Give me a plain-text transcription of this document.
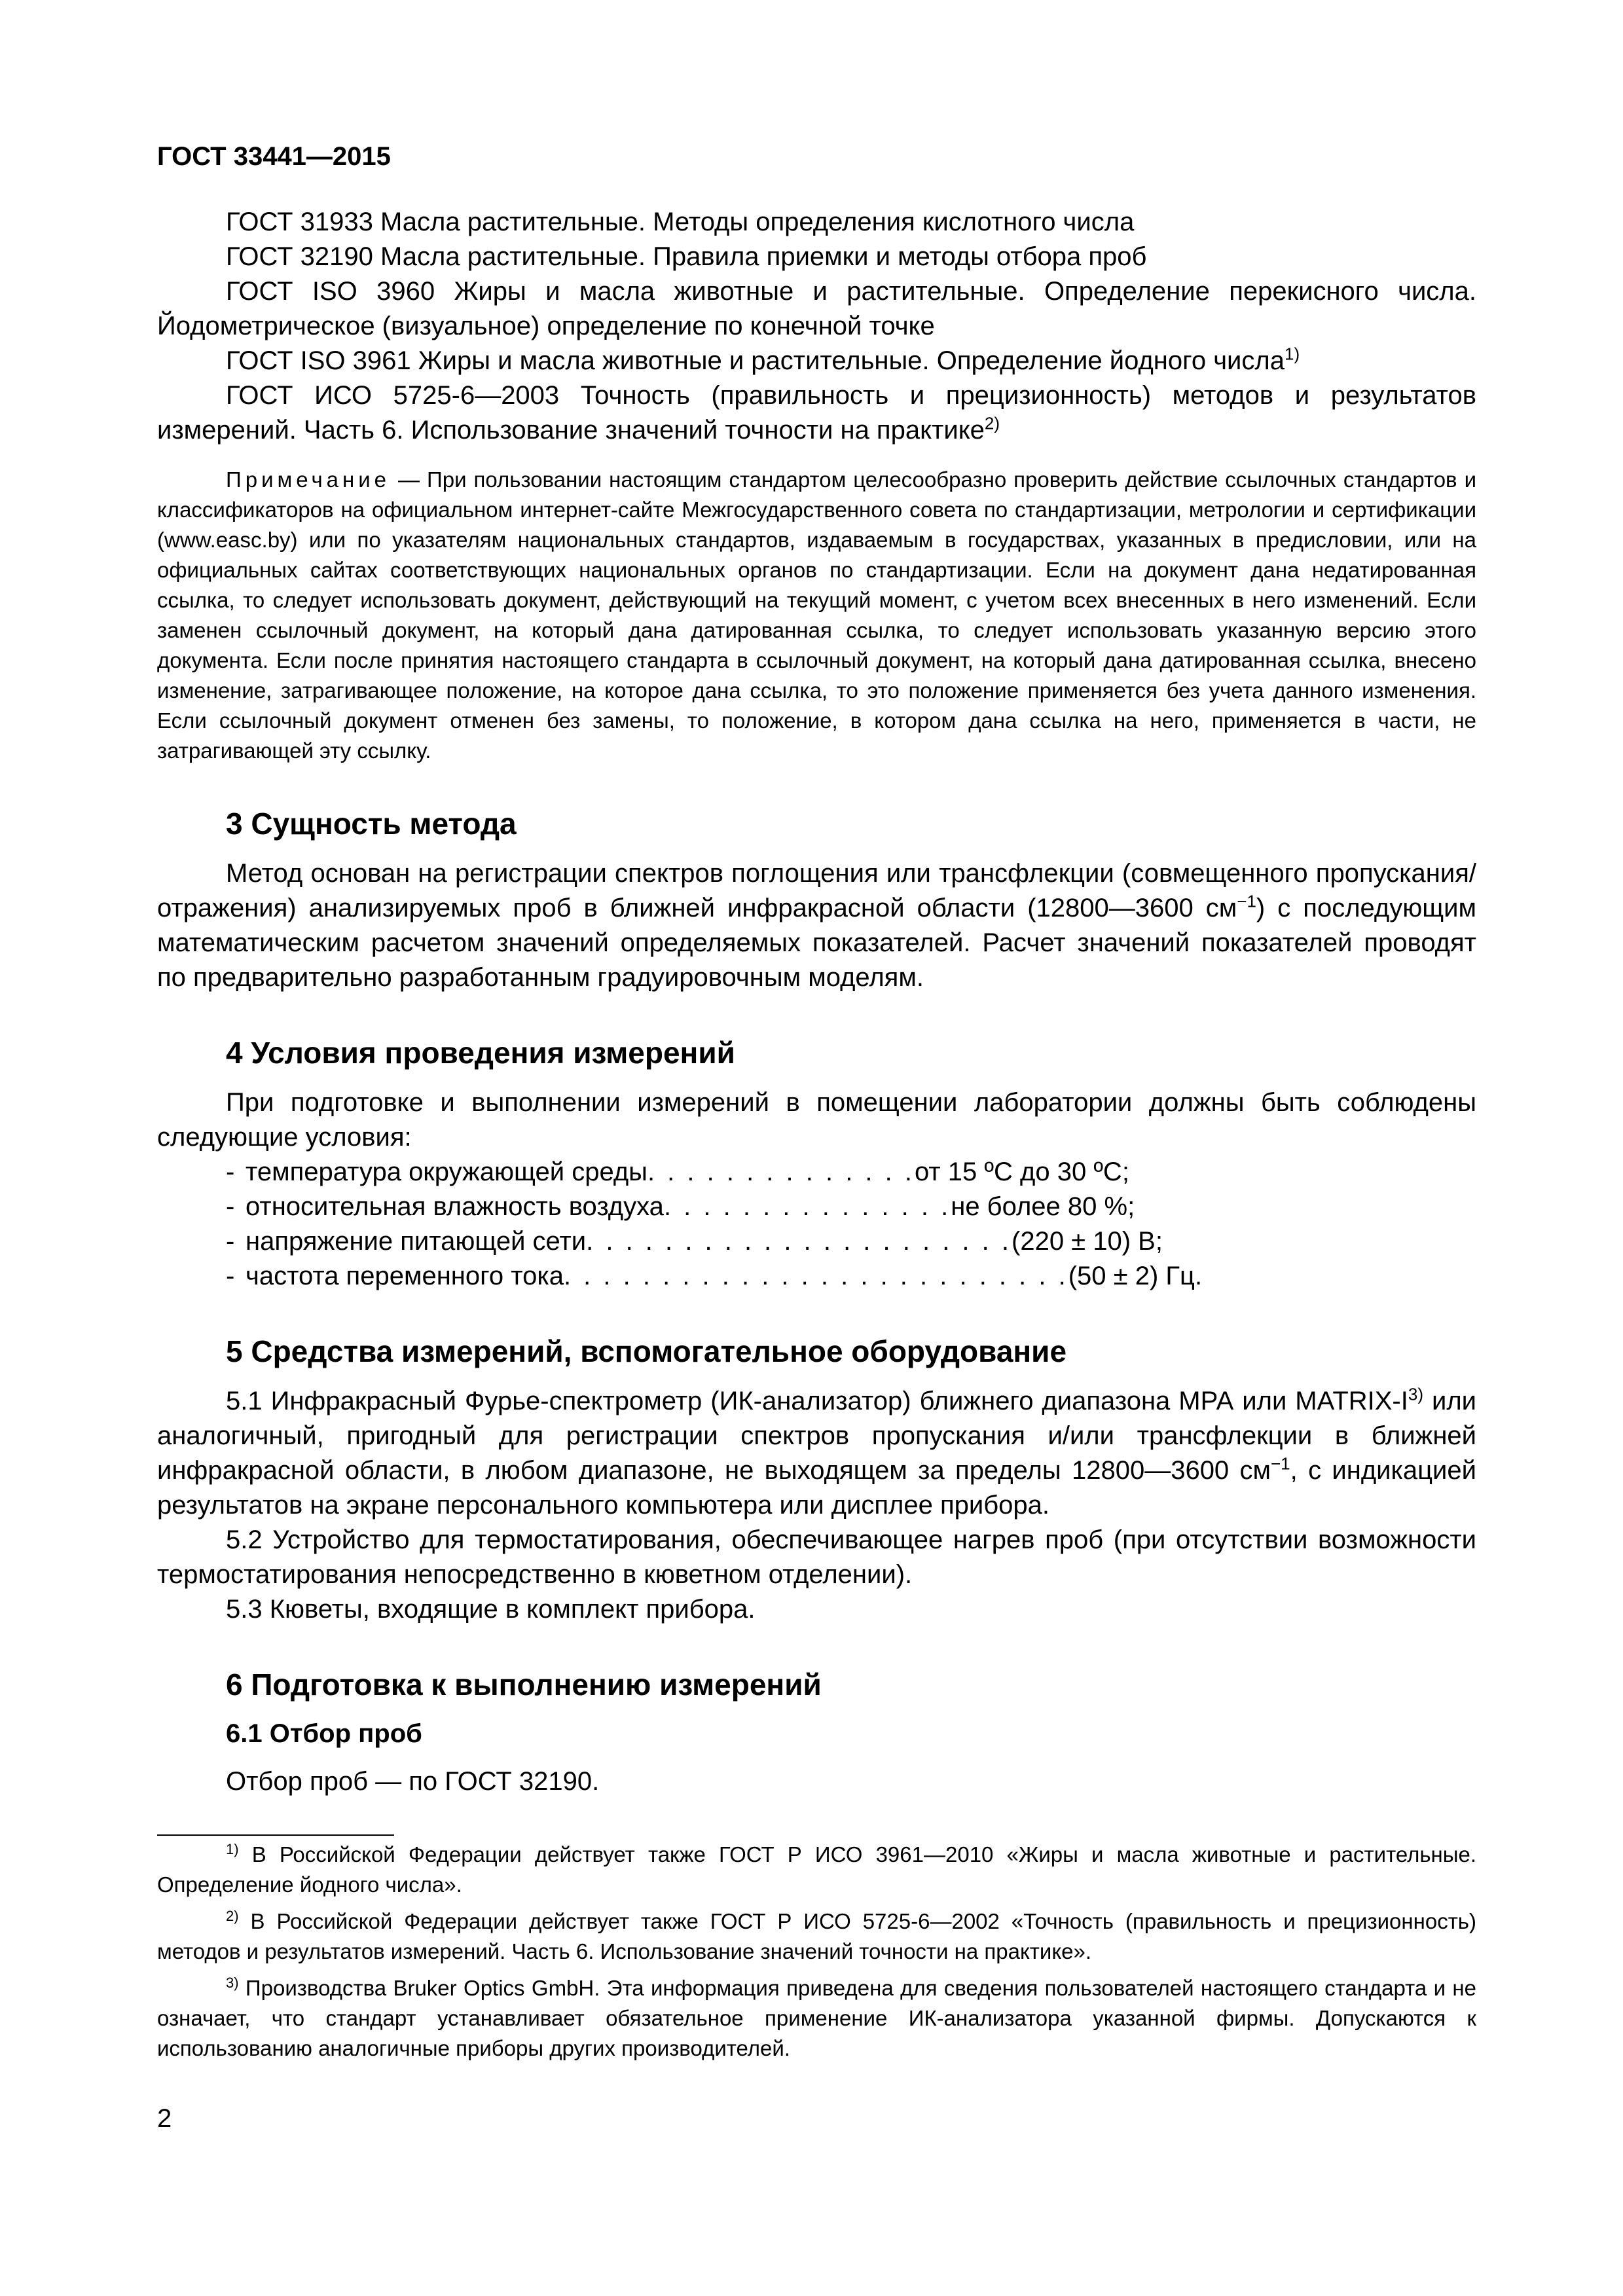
ГОСТ 33441—2015

ГОСТ 31933 Масла растительные. Методы определения кислотного числа

ГОСТ 32190 Масла растительные. Правила приемки и методы отбора проб

ГОСТ ISO 3960 Жиры и масла животные и растительные. Определение перекисного числа. Йодометрическое (визуальное) определение по конечной точке

ГОСТ ISO 3961 Жиры и масла животные и растительные. Определение йодного числа$^{1)}$

ГОСТ ИСО 5725-6—2003 Точность (правильность и прецизионность) методов и результатов измерений. Часть 6. Использование значений точности на практике$^{2)}$

Примечание — При пользовании настоящим стандартом целесообразно проверить действие ссылочных стандартов и классификаторов на официальном интернет-сайте Межгосударственного совета по стандартизации, метрологии и сертификации (www.easc.by) или по указателям национальных стандартов, издаваемым в государствах, указанных в предисловии, или на официальных сайтах соответствующих национальных органов по стандартизации. Если на документ дана недатированная ссылка, то следует использовать документ, действующий на текущий момент, с учетом всех внесенных в него изменений. Если заменен ссылочный документ, на который дана датированная ссылка, то следует использовать указанную версию этого документа. Если после принятия настоящего стандарта в ссылочный документ, на который дана датированная ссылка, внесено изменение, затрагивающее положение, на которое дана ссылка, то это положение применяется без учета данного изменения. Если ссылочный документ отменен без замены, то положение, в котором дана ссылка на него, применяется в части, не затрагивающей эту ссылку.

3 Сущность метода

Метод основан на регистрации спектров поглощения или трансфлекции (совмещенного пропускания/отражения) анализируемых проб в ближней инфракрасной области (12800—3600 $см^{-1}$) с последующим математическим расчетом значений определяемых показателей. Расчет значений показателей проводят по предварительно разработанным градуировочным моделям.

4 Условия проведения измерений

При подготовке и выполнении измерений в помещении лаборатории должны быть соблюдены следующие условия:

- температура окружающей среды . . . . . . . . . . . . . . от 15 ºС до 30 ºС;
- относительная влажность воздуха . . . . . . . . . . . . . . . не более 80 %;
- напряжение питающей сети . . . . . . . . . . . . . . . . . . . . . . (220 ± 10) В;
- частота переменного тока . . . . . . . . . . . . . . . . . . . . . . . . . . (50 ± 2) Гц.
5 Средства измерений, вспомогательное оборудование

5.1 Инфракрасный Фурье-спектрометр (ИК-анализатор) ближнего диапазона МРА или MATRIX-$I^{3)}$ или аналогичный, пригодный для регистрации спектров пропускания и/или трансфлекции в ближней инфракрасной области, в любом диапазоне, не выходящем за пределы 12800—3600 $см^{-1}$, с индикацией результатов на экране персонального компьютера или дисплее прибора.

5.2 Устройство для термостатирования, обеспечивающее нагрев проб (при отсутствии возможности термостатирования непосредственно в кюветном отделении).

5.3 Кюветы, входящие в комплект прибора.

6 Подготовка к выполнению измерений
6.1 Отбор проб

Отбор проб — по ГОСТ 32190.

$^{1)}$ В Российской Федерации действует также ГОСТ Р ИСО 3961—2010 «Жиры и масла животные и растительные. Определение йодного числа».

$^{2)}$ В Российской Федерации действует также ГОСТ Р ИСО 5725-6—2002 «Точность (правильность и прецизионность) методов и результатов измерений. Часть 6. Использование значений точности на практике».

$^{3)}$ Производства Bruker Optics GmbH. Эта информация приведена для сведения пользователей настоящего стандарта и не означает, что стандарт устанавливает обязательное применение ИК-анализатора указанной фирмы. Допускаются к использованию аналогичные приборы других производителей.

2
